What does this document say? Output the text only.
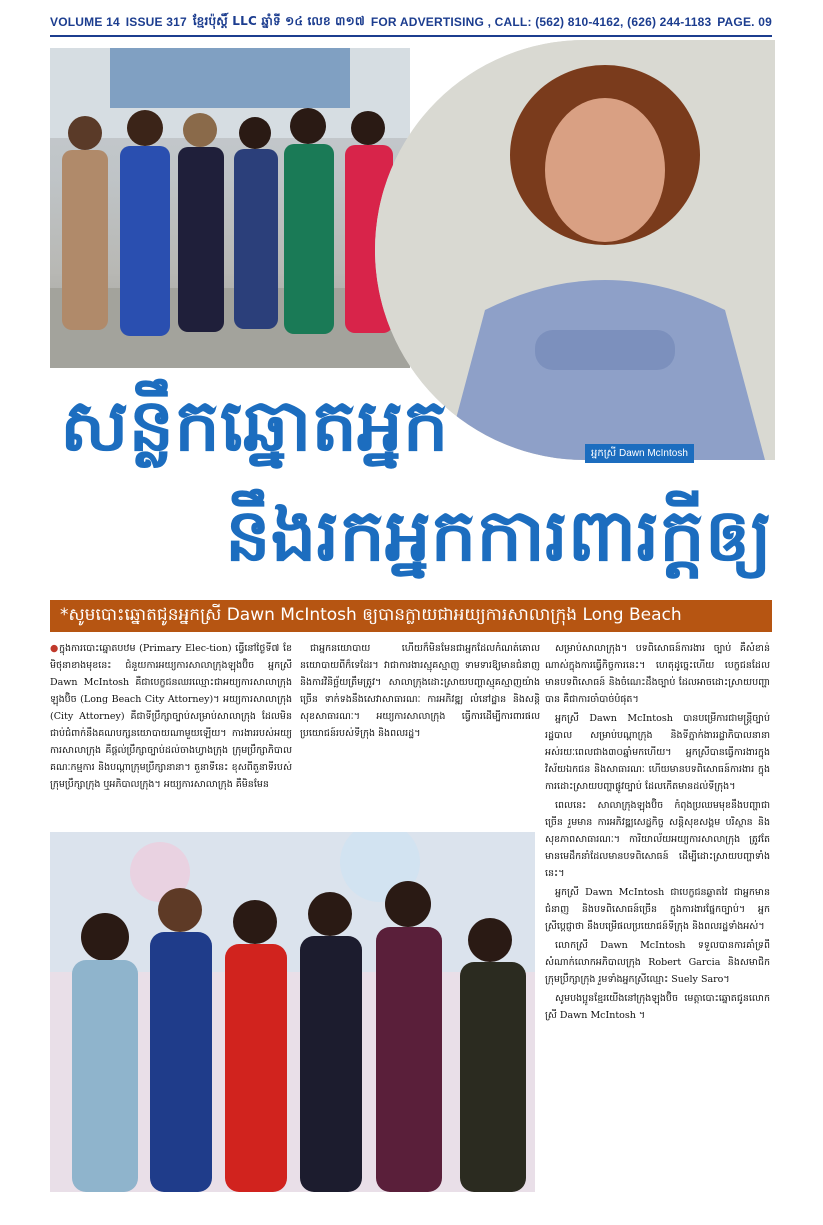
VOLUME 14 ISSUE 317 ខ្មែរប៉ុស្តិ៍ LLC ឆ្នាំទី ១៤ លេខ ៣១៧ FOR ADVERTISING , CALL: (562) 810-4162, (626) 244-1183 PAGE. 09
អ្នកស្រី Dawn McIntosh
សន្លឹកឆ្នោតអ្នក
នឹងរកអ្នកការពារក្តីឲ្យ
*សូមបោះឆ្នោតជូនអ្នកស្រី Dawn McIntosh ឲ្យបានក្លាយជាអយ្យការសាលាក្រុង Long Beach

●ក្នុងការបោះឆ្នោតបឋម (Primary Elec-tion) ធ្វើនៅថ្ងៃទី៧ ខែមិថុនាខាងមុខនេះ ជំនួយការអយ្យការសាលាក្រុងឡុងប៊ិច អ្នកស្រី Dawn McIntosh គឺជាបេក្ខជនឈរឈ្មោះជាអយ្យការសាលាក្រុងឡុងប៊ិច (Long Beach City Attorney)។ អយ្យការសាលាក្រុង (City Attorney) គឺជាទីប្រឹក្សាច្បាប់សម្រាប់សាលាក្រុង ដែលមិនជាប់ជំពាក់នឹងគណបក្សនយោបាយណាមួយឡើយ។ ការងាររបស់អយ្យការសាលាក្រុង គឺផ្តល់ប្រឹក្សាច្បាប់ដល់ចាងហ្វាងក្រុង ក្រុមប្រឹក្សាភិបាល គណៈកម្មការ និងបណ្តាក្រុមប្រឹក្សានានា។ តួនាទីនេះ ខុសពីតួនាទីរបស់ក្រុមប្រឹក្សាក្រុង ឬអភិបាលក្រុង។ អយ្យការសាលាក្រុង គឺមិនមែន

ជាអ្នកនយោបាយ ហើយក៏មិនមែនជាអ្នកដែលកំណត់គោលនយោបាយពីក៏ទេដែរ។ វាជាការងារស្មុគស្មាញ ទាមទារឱ្យមានជំនាញ និងការវិនិច្ឆ័យត្រឹមត្រូវ។ សាលាក្រុងដោះស្រាយបញ្ហាស្មុគស្មាញយ៉ាងច្រើន ទាក់ទងនឹងសេវាសាធារណៈ ការអភិវឌ្ឍ លំនៅដ្ឋាន និងសន្តិសុខសាធារណៈ។ អយ្យការសាលាក្រុង ធ្វើការដើម្បីការពារផលប្រយោជន៍របស់ទីក្រុង និងពលរដ្ឋ។

សម្រាប់សាលាក្រុង។ បទពិសោធន៍ការងារ ច្បាប់ គឺសំខាន់ណាស់ក្នុងការធ្វើកិច្ចការនេះ។ ហេតុដូច្នេះហើយ បេក្ខជនដែលមានបទពិសោធន៍ និងចំណេះដឹងច្បាប់ ដែលអាចដោះស្រាយបញ្ហាបាន គឺជាការចាំបាច់បំផុត។

អ្នកស្រី Dawn McIntosh បានបម្រើការជាមន្ត្រីច្បាប់រដ្ឋបាល សម្រាប់បណ្តាក្រុង និងទីភ្នាក់ងាររដ្ឋាភិបាលនានា អស់រយៈពេលជាង៣០ឆ្នាំមកហើយ។ អ្នកស្រីបានធ្វើការងារក្នុងវិស័យឯកជន និងសាធារណៈ ហើយមានបទពិសោធន៍ការងារ ក្នុងការដោះស្រាយបញ្ហាផ្លូវច្បាប់ ដែលកើតមានដល់ទីក្រុង។

ពេលនេះ សាលាក្រុងឡុងប៊ិច កំពុងប្រឈមមុខនឹងបញ្ហាជាច្រើន រួមមាន ការអភិវឌ្ឍសេដ្ឋកិច្ច សន្តិសុខសង្គម បរិស្ថាន និងសុខភាពសាធារណៈ។ ការិយាល័យអយ្យការសាលាក្រុង ត្រូវតែមានមេដឹកនាំដែលមានបទពិសោធន៍ ដើម្បីដោះស្រាយបញ្ហាទាំងនេះ។

អ្នកស្រី Dawn McIntosh ជាបេក្ខជនឆ្លាតវៃ ជាអ្នកមានជំនាញ និងបទពិសោធន៍ច្រើន ក្នុងការងារផ្នែកច្បាប់។ អ្នកស្រីប្តេជ្ញាថា នឹងបម្រើផលប្រយោជន៍ទីក្រុង និងពលរដ្ឋទាំងអស់។

លោកស្រី Dawn McIntosh ទទួលបានការគាំទ្រពីសំណាក់លោកអភិបាលក្រុង Robert Garcia និងសមាជិកក្រុមប្រឹក្សាក្រុង រួមទាំងអ្នកស្រីឈ្មោះ Suely Saro។

សូមបងប្អូនខ្មែរយើងនៅក្រុងឡុងប៊ិច មេត្តាបោះឆ្នោតជូនលោកស្រី Dawn McIntosh ។
